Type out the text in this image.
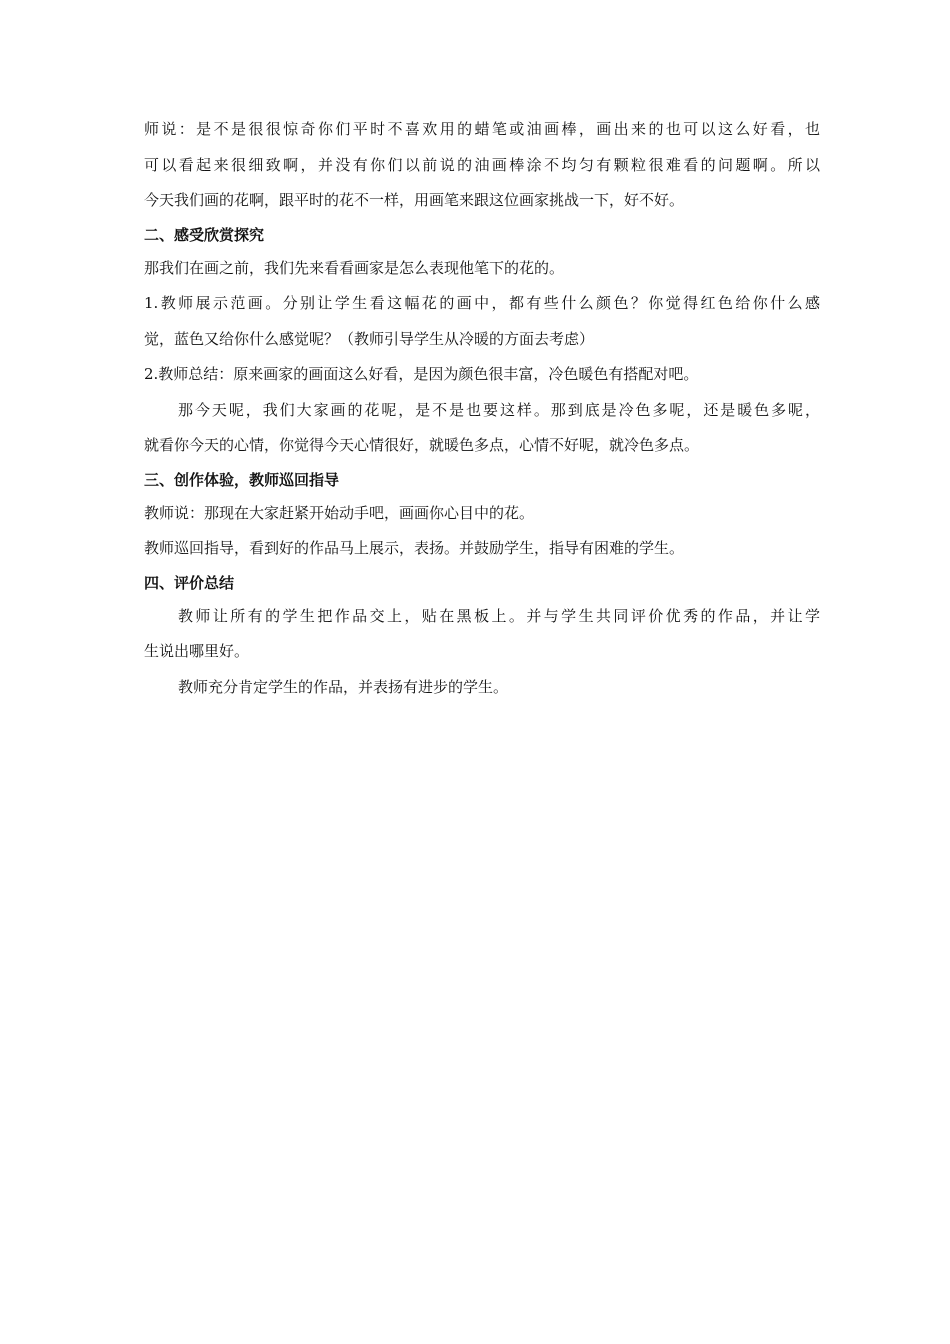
师说：是不是很很惊奇你们平时不喜欢用的蜡笔或油画棒，画出来的也可以这么好看，也
可以看起来很细致啊，并没有你们以前说的油画棒涂不均匀有颗粒很难看的问题啊。所以
今天我们画的花啊，跟平时的花不一样，用画笔来跟这位画家挑战一下，好不好。
二、感受欣赏探究
那我们在画之前，我们先来看看画家是怎么表现他笔下的花的。
1.教师展示范画。分别让学生看这幅花的画中，都有些什么颜色？你觉得红色给你什么感
觉，蓝色又给你什么感觉呢？（教师引导学生从冷暖的方面去考虑）
2.教师总结：原来画家的画面这么好看，是因为颜色很丰富，冷色暖色有搭配对吧。
那今天呢，我们大家画的花呢，是不是也要这样。那到底是冷色多呢，还是暖色多呢，
就看你今天的心情，你觉得今天心情很好，就暖色多点，心情不好呢，就冷色多点。
三、创作体验，教师巡回指导
教师说：那现在大家赶紧开始动手吧，画画你心目中的花。
教师巡回指导，看到好的作品马上展示，表扬。并鼓励学生，指导有困难的学生。
四、评价总结
教师让所有的学生把作品交上，贴在黑板上。并与学生共同评价优秀的作品，并让学
生说出哪里好。
教师充分肯定学生的作品，并表扬有进步的学生。
